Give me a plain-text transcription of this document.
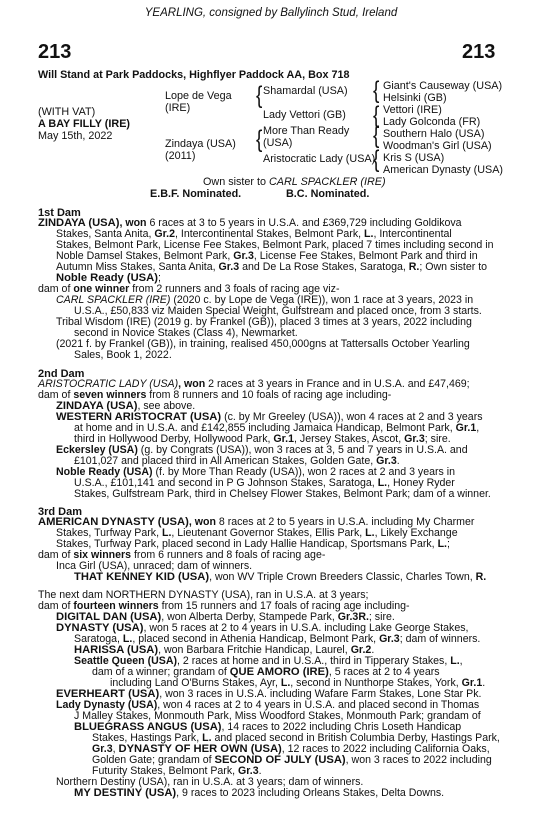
YEARLING, consigned by Ballylinch Stud, Ireland
213	213
Will Stand at Park Paddocks, Highflyer Paddock AA, Box 718
(WITH VAT)
A BAY FILLY (IRE)
May 15th, 2022
Lope de Vega
(IRE)
Zindaya (USA)
(2011)
{ Shamardal (USA)
Lady Vettori (GB)
{ More Than Ready
(USA)
Aristocratic Lady (USA)
{
{
{
{
Giant's Causeway (USA)
Helsinki (GB)
Vettori (IRE)
Lady Golconda (FR)
Southern Halo (USA)
Woodman's Girl (USA)
Kris S (USA)
American Dynasty (USA)
Own sister to CARL SPACKLER (IRE)
E.B.F. Nominated.	B.C. Nominated.
1st Dam
ZINDAYA (USA), won 6 races at 3 to 5 years in U.S.A. and £369,729 including Goldikova
Stakes, Santa Anita, Gr.2, Intercontinental Stakes, Belmont Park, L., Intercontinental
Stakes, Belmont Park, License Fee Stakes, Belmont Park, placed 7 times including second in
Noble Damsel Stakes, Belmont Park, Gr.3, License Fee Stakes, Belmont Park and third in
Autumn Miss Stakes, Santa Anita, Gr.3 and De La Rose Stakes, Saratoga, R.; Own sister to
Noble Ready (USA);
dam of one winner from 2 runners and 3 foals of racing age viz-
CARL SPACKLER (IRE) (2020 c. by Lope de Vega (IRE)), won 1 race at 3 years, 2023 in
U.S.A., £50,833 viz Maiden Special Weight, Gulfstream and placed once, from 3 starts.
Tribal Wisdom (IRE) (2019 g. by Frankel (GB)), placed 3 times at 3 years, 2022 including
second in Novice Stakes (Class 4), Newmarket.
(2021 f. by Frankel (GB)), in training, realised 450,000gns at Tattersalls October Yearling
Sales, Book 1, 2022.
2nd Dam
ARISTOCRATIC LADY (USA), won 2 races at 3 years in France and in U.S.A. and £47,469;
dam of seven winners from 8 runners and 10 foals of racing age including-
ZINDAYA (USA), see above.
WESTERN ARISTOCRAT (USA) (c. by Mr Greeley (USA)), won 4 races at 2 and 3 years
at home and in U.S.A. and £142,855 including Jamaica Handicap, Belmont Park, Gr.1,
third in Hollywood Derby, Hollywood Park, Gr.1, Jersey Stakes, Ascot, Gr.3; sire.
Eckersley (USA) (g. by Congrats (USA)), won 3 races at 3, 5 and 7 years in U.S.A. and
£101,027 and placed third in All American Stakes, Golden Gate, Gr.3.
Noble Ready (USA) (f. by More Than Ready (USA)), won 2 races at 2 and 3 years in
U.S.A., £101,141 and second in P G Johnson Stakes, Saratoga, L., Honey Ryder
Stakes, Gulfstream Park, third in Chelsey Flower Stakes, Belmont Park; dam of a winner.
3rd Dam
AMERICAN DYNASTY (USA), won 8 races at 2 to 5 years in U.S.A. including My Charmer
Stakes, Turfway Park, L., Lieutenant Governor Stakes, Ellis Park, L., Likely Exchange
Stakes, Turfway Park, placed second in Lady Hallie Handicap, Sportsmans Park, L.;
dam of six winners from 6 runners and 8 foals of racing age-
Inca Girl (USA), unraced; dam of winners.
THAT KENNEY KID (USA), won WV Triple Crown Breeders Classic, Charles Town, R.
The next dam NORTHERN DYNASTY (USA), ran in U.S.A. at 3 years;
dam of fourteen winners from 15 runners and 17 foals of racing age including-
DIGITAL DAN (USA), won Alberta Derby, Stampede Park, Gr.3R.; sire.
DYNASTY (USA), won 5 races at 2 to 4 years in U.S.A. including Lake George Stakes,
Saratoga, L., placed second in Athenia Handicap, Belmont Park, Gr.3; dam of winners.
HARISSA (USA), won Barbara Fritchie Handicap, Laurel, Gr.2.
Seattle Queen (USA), 2 races at home and in U.S.A., third in Tipperary Stakes, L.,
dam of a winner; grandam of QUE AMORO (IRE), 5 races at 2 to 4 years
including Land O'Burns Stakes, Ayr, L., second in Nunthorpe Stakes, York, Gr.1.
EVERHEART (USA), won 3 races in U.S.A. including Wafare Farm Stakes, Lone Star Pk.
Lady Dynasty (USA), won 4 races at 2 to 4 years in U.S.A. and placed second in Thomas
J Malley Stakes, Monmouth Park, Miss Woodford Stakes, Monmouth Park; grandam of
BLUEGRASS ANGUS (USA), 14 races to 2022 including Chris Loseth Handicap
Stakes, Hastings Park, L. and placed second in British Columbia Derby, Hastings Park,
Gr.3, DYNASTY OF HER OWN (USA), 12 races to 2022 including California Oaks,
Golden Gate; grandam of SECOND OF JULY (USA), won 3 races to 2022 including
Futurity Stakes, Belmont Park, Gr.3.
Northern Destiny (USA), ran in U.S.A. at 3 years; dam of winners.
MY DESTINY (USA), 9 races to 2023 including Orleans Stakes, Delta Downs.
